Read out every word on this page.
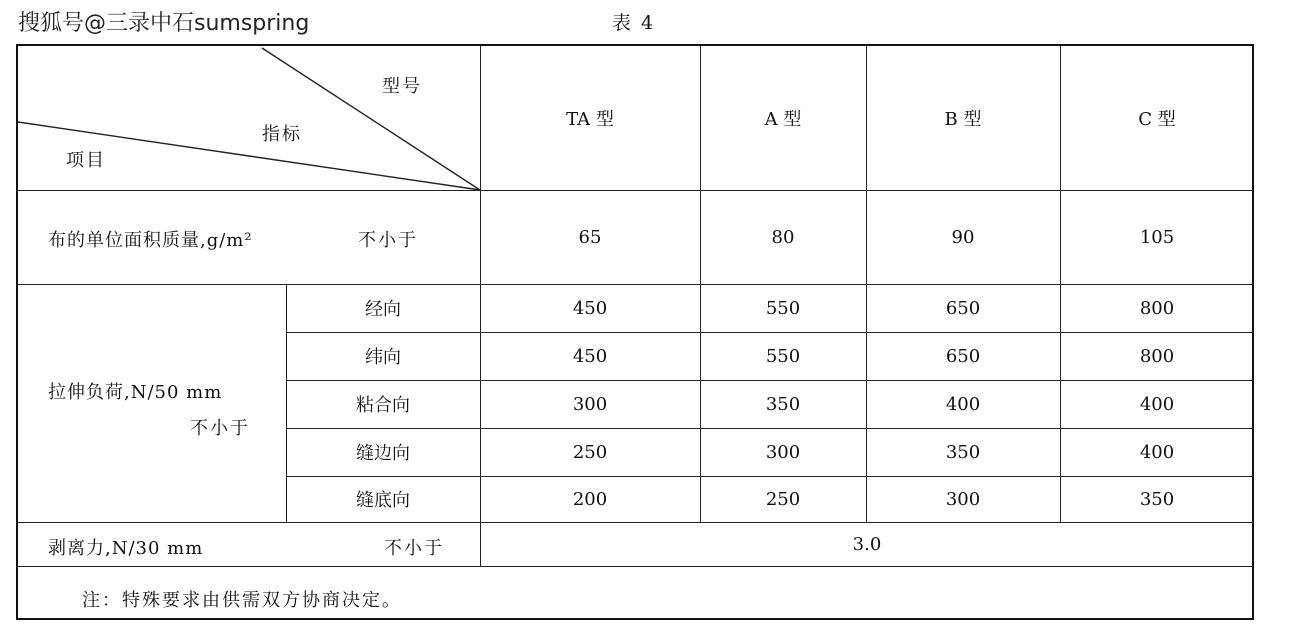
搜狐号@三录中石sumspring	表 4
型号
指标
项目
TA 型	A 型	B 型	C 型
布的单位面积质量,g/m²	不小于	65	80	90	105
拉伸负荷,N/50 mm
不小于
经向	450	550	650	800
纬向	450	550	650	800
粘合向	300	350	400	400
缝边向	250	300	350	400
缝底向	200	250	300	350
剥离力,N/30 mm	不小于	3.0
注：特殊要求由供需双方协商决定。
